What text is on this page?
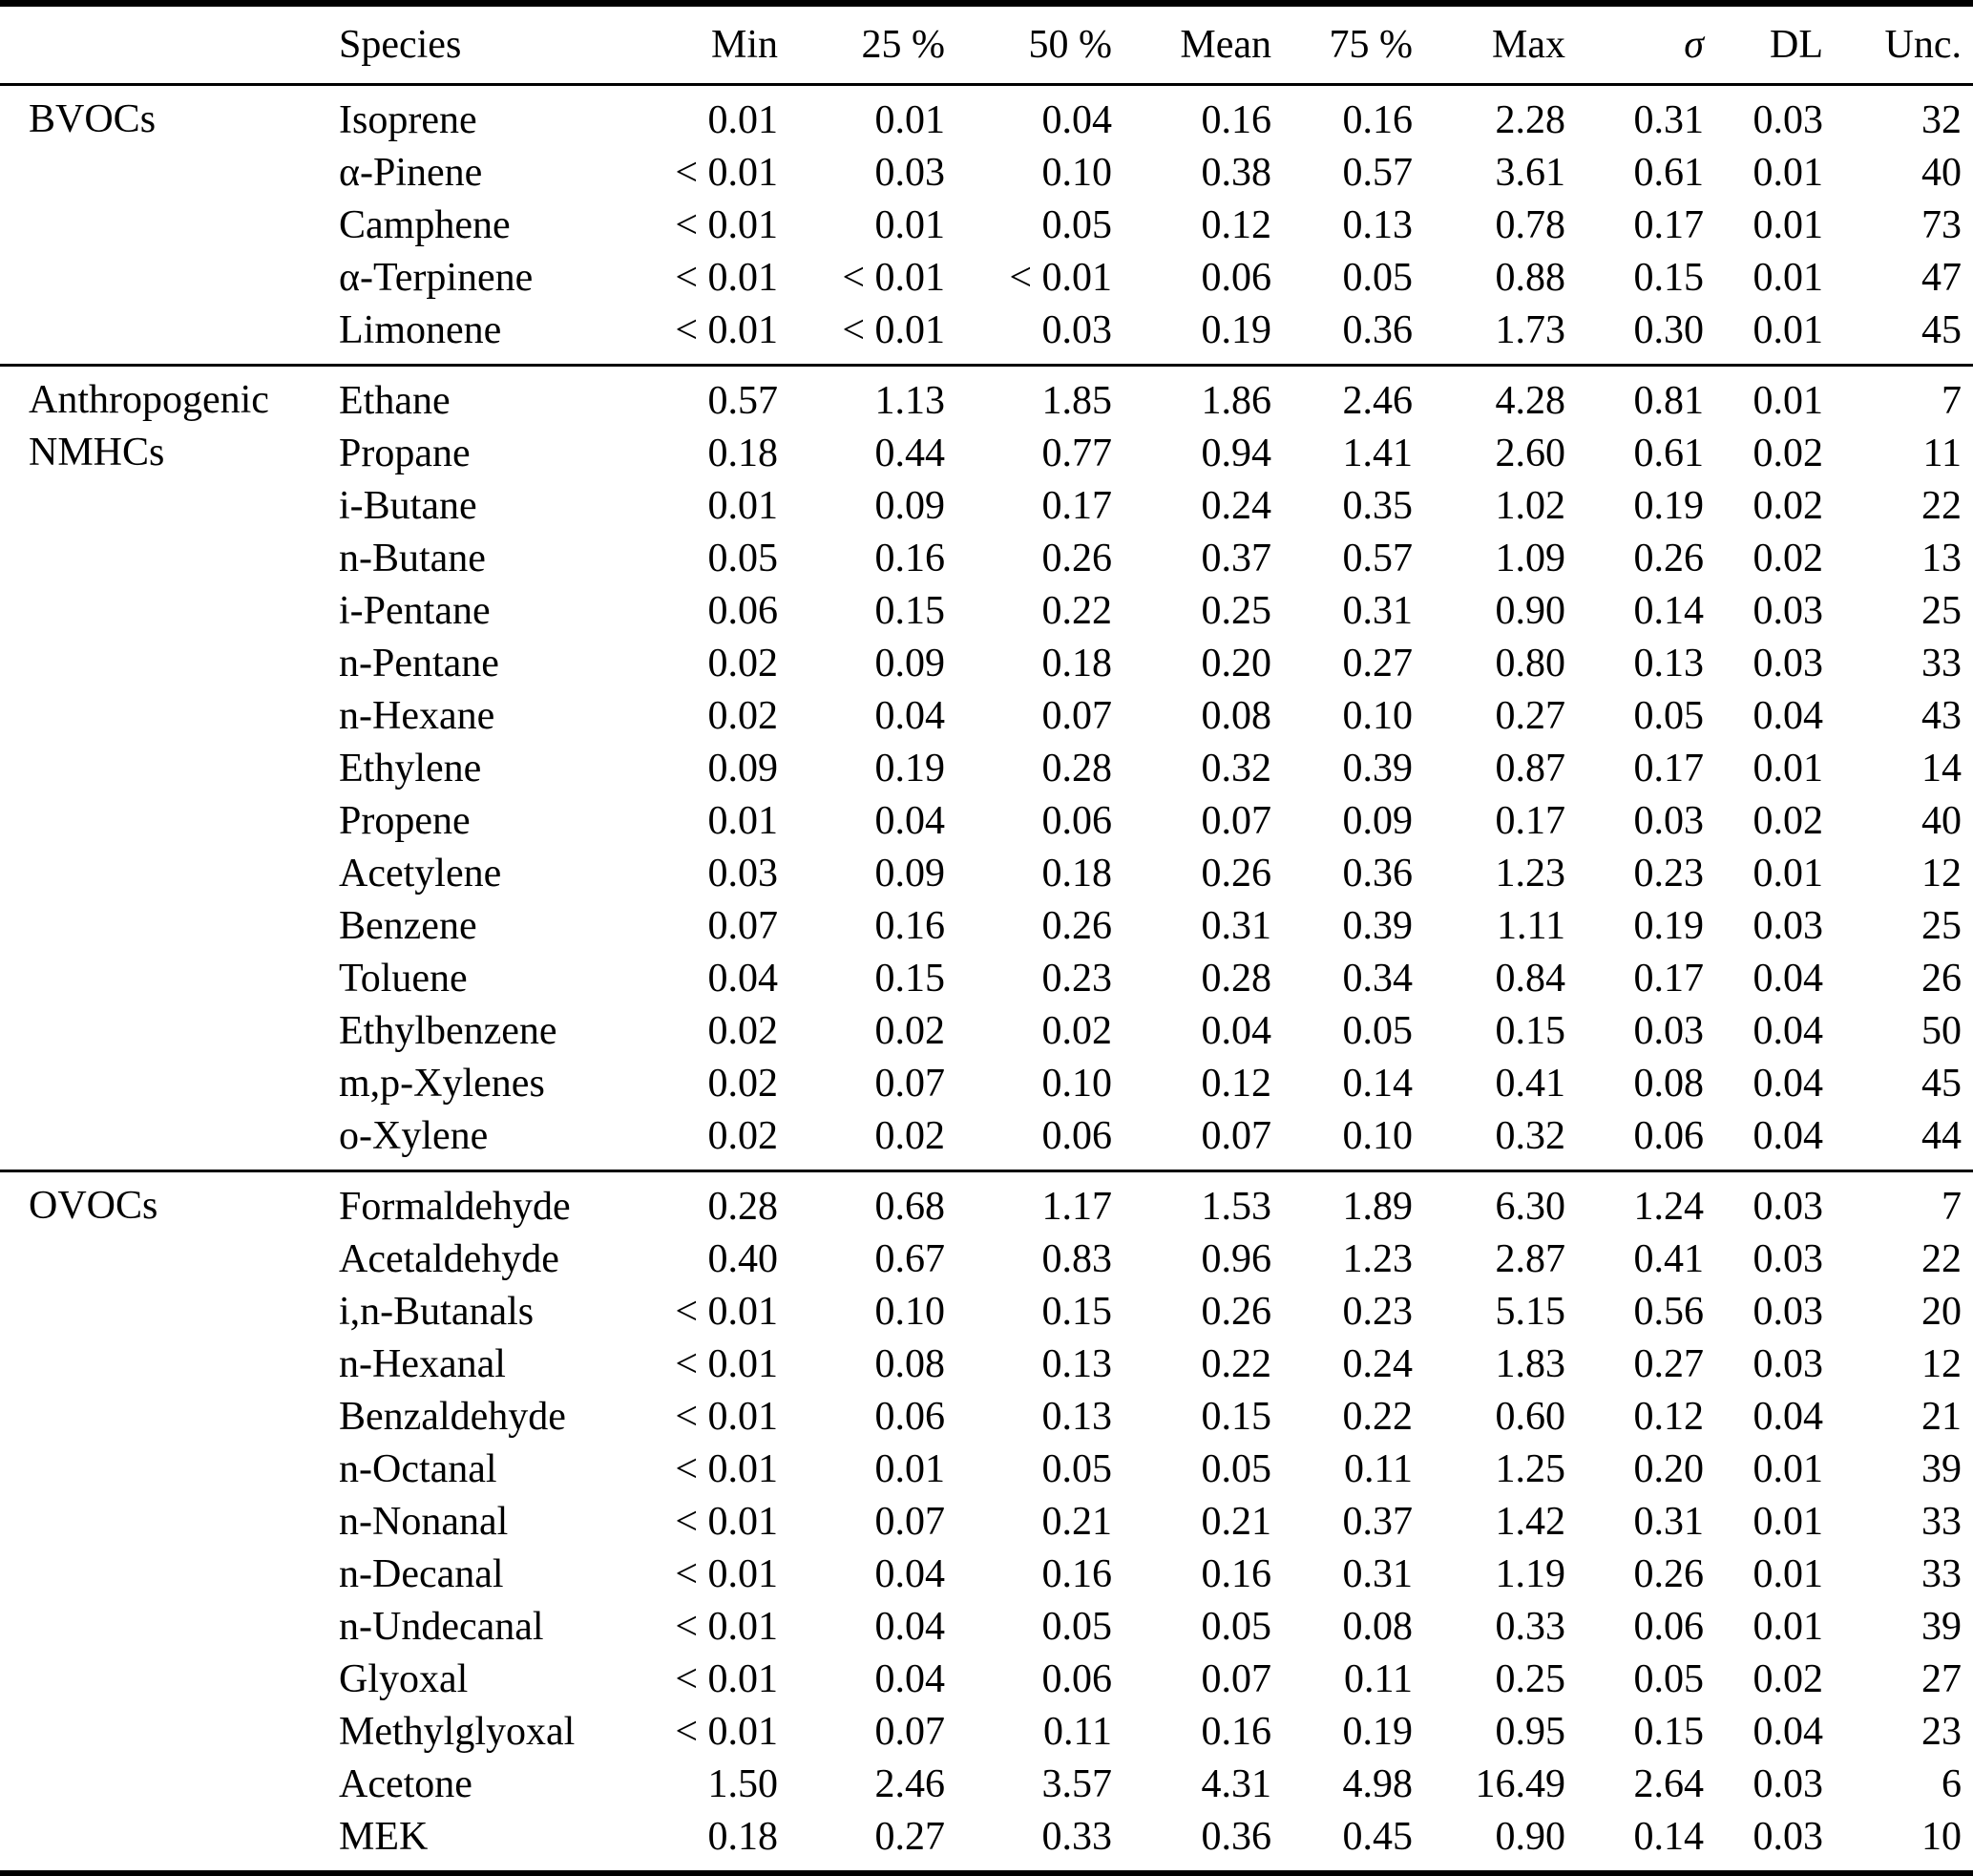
	Species	Min	25 %	50 %	Mean	75 %	Max	σ	DL	Unc.
BVOCs	Isoprene	0.01	0.01	0.04	0.16	0.16	2.28	0.31	0.03	32
	α-Pinene	< 0.01	0.03	0.10	0.38	0.57	3.61	0.61	0.01	40
	Camphene	< 0.01	0.01	0.05	0.12	0.13	0.78	0.17	0.01	73
	α-Terpinene	< 0.01	< 0.01	< 0.01	0.06	0.05	0.88	0.15	0.01	47
	Limonene	< 0.01	< 0.01	0.03	0.19	0.36	1.73	0.30	0.01	45
Anthropogenic NMHCs	Ethane	0.57	1.13	1.85	1.86	2.46	4.28	0.81	0.01	7
	Propane	0.18	0.44	0.77	0.94	1.41	2.60	0.61	0.02	11
	i-Butane	0.01	0.09	0.17	0.24	0.35	1.02	0.19	0.02	22
	n-Butane	0.05	0.16	0.26	0.37	0.57	1.09	0.26	0.02	13
	i-Pentane	0.06	0.15	0.22	0.25	0.31	0.90	0.14	0.03	25
	n-Pentane	0.02	0.09	0.18	0.20	0.27	0.80	0.13	0.03	33
	n-Hexane	0.02	0.04	0.07	0.08	0.10	0.27	0.05	0.04	43
	Ethylene	0.09	0.19	0.28	0.32	0.39	0.87	0.17	0.01	14
	Propene	0.01	0.04	0.06	0.07	0.09	0.17	0.03	0.02	40
	Acetylene	0.03	0.09	0.18	0.26	0.36	1.23	0.23	0.01	12
	Benzene	0.07	0.16	0.26	0.31	0.39	1.11	0.19	0.03	25
	Toluene	0.04	0.15	0.23	0.28	0.34	0.84	0.17	0.04	26
	Ethylbenzene	0.02	0.02	0.02	0.04	0.05	0.15	0.03	0.04	50
	m,p-Xylenes	0.02	0.07	0.10	0.12	0.14	0.41	0.08	0.04	45
	o-Xylene	0.02	0.02	0.06	0.07	0.10	0.32	0.06	0.04	44
OVOCs	Formaldehyde	0.28	0.68	1.17	1.53	1.89	6.30	1.24	0.03	7
	Acetaldehyde	0.40	0.67	0.83	0.96	1.23	2.87	0.41	0.03	22
	i,n-Butanals	< 0.01	0.10	0.15	0.26	0.23	5.15	0.56	0.03	20
	n-Hexanal	< 0.01	0.08	0.13	0.22	0.24	1.83	0.27	0.03	12
	Benzaldehyde	< 0.01	0.06	0.13	0.15	0.22	0.60	0.12	0.04	21
	n-Octanal	< 0.01	0.01	0.05	0.05	0.11	1.25	0.20	0.01	39
	n-Nonanal	< 0.01	0.07	0.21	0.21	0.37	1.42	0.31	0.01	33
	n-Decanal	< 0.01	0.04	0.16	0.16	0.31	1.19	0.26	0.01	33
	n-Undecanal	< 0.01	0.04	0.05	0.05	0.08	0.33	0.06	0.01	39
	Glyoxal	< 0.01	0.04	0.06	0.07	0.11	0.25	0.05	0.02	27
	Methylglyoxal	< 0.01	0.07	0.11	0.16	0.19	0.95	0.15	0.04	23
	Acetone	1.50	2.46	3.57	4.31	4.98	16.49	2.64	0.03	6
	MEK	0.18	0.27	0.33	0.36	0.45	0.90	0.14	0.03	10
